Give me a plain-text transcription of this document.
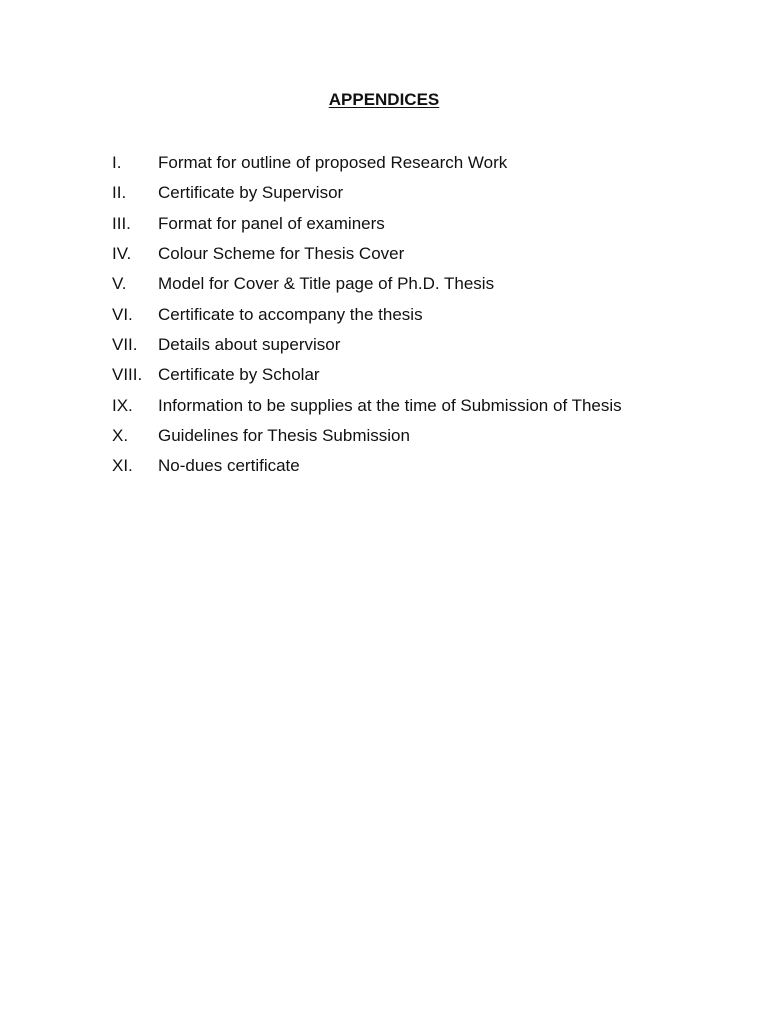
APPENDICES
I.	Format for outline of proposed Research Work
II.	Certificate by Supervisor
III.	Format for panel of examiners
IV.	Colour Scheme for Thesis Cover
V.	Model for Cover & Title page of Ph.D. Thesis
VI.	Certificate to accompany the thesis
VII.	Details about supervisor
VIII. Certificate by Scholar
IX.	Information to be supplies at the time of Submission of Thesis
X.	Guidelines for Thesis Submission
XI.	No-dues certificate
